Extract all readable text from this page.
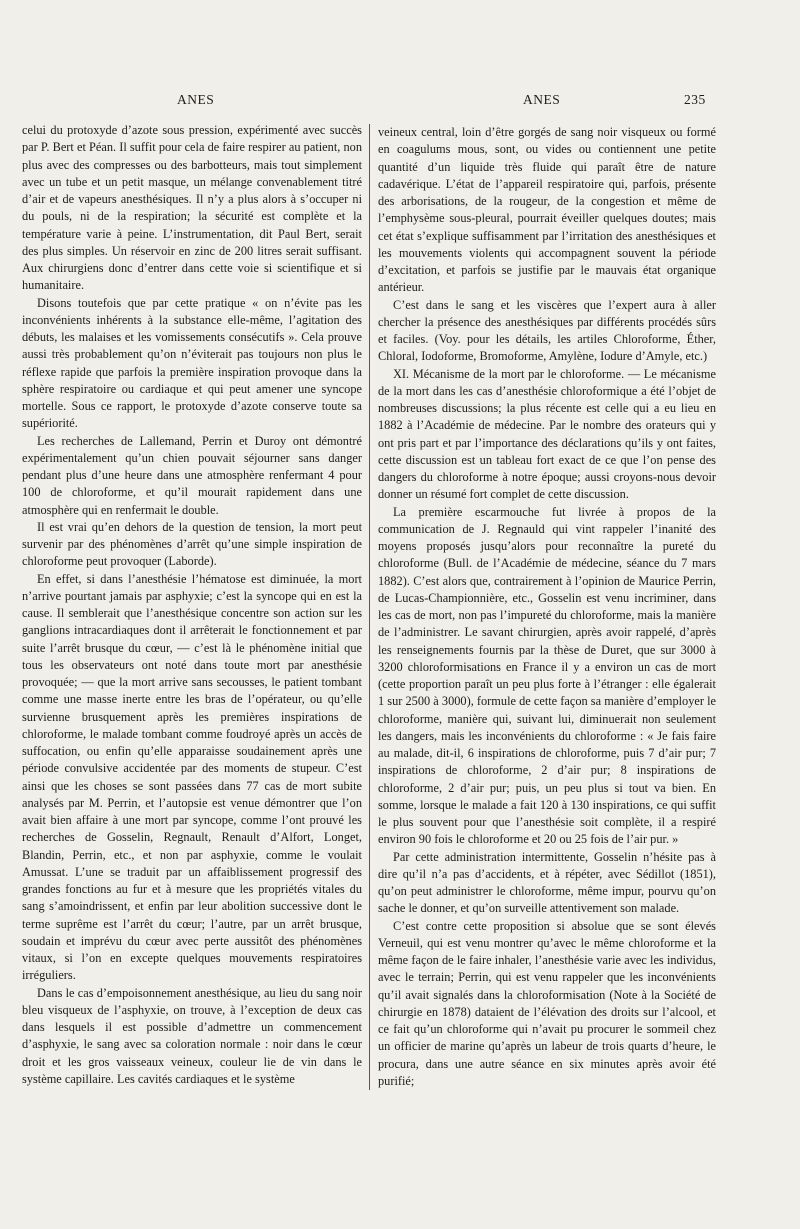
ANES	ANES	235

celui du protoxyde d’azote sous pression, expérimenté avec succès par P. Bert et Péan. Il suffit pour cela de faire respirer au patient, non plus avec des compresses ou des barbotteurs, mais tout simplement avec un tube et un petit masque, un mélange convenablement titré d’air et de vapeurs anesthésiques. Il n’y a plus alors à s’occuper ni du pouls, ni de la respiration; la sécurité est complète et la température varie à peine. L’instrumentation, dit Paul Bert, serait des plus simples. Un réservoir en zinc de 200 litres serait suffisant. Aux chirurgiens donc d’entrer dans cette voie si scientifique et si humanitaire.

Disons toutefois que par cette pratique « on n’évite pas les inconvénients inhérents à la substance elle-même, l’agitation des débuts, les malaises et les vomissements consécutifs ». Cela prouve aussi très probablement qu’on n’éviterait pas toujours non plus le réflexe rapide que parfois la première inspiration provoque dans la sphère respiratoire ou cardiaque et qui peut amener une syncope mortelle. Sous ce rapport, le protoxyde d’azote conserve toute sa supériorité.

Les recherches de Lallemand, Perrin et Duroy ont démontré expérimentalement qu’un chien pouvait séjourner sans danger pendant plus d’une heure dans une atmosphère renfermant 4 pour 100 de chloroforme, et qu’il mourait rapidement dans une atmosphère qui en renfermait le double.

Il est vrai qu’en dehors de la question de tension, la mort peut survenir par des phénomènes d’arrêt qu’une simple inspiration de chloroforme peut provoquer (Laborde).

En effet, si dans l’anesthésie l’hématose est diminuée, la mort n’arrive pourtant jamais par asphyxie; c’est la syncope qui en est la cause. Il semblerait que l’anesthésique concentre son action sur les ganglions intracardiaques dont il arrêterait le fonctionnement et par suite l’arrêt brusque du cœur, — c’est là le phénomène initial que tous les observateurs ont noté dans toute mort par anesthésie provoquée; — que la mort arrive sans secousses, le patient tombant comme une masse inerte entre les bras de l’opérateur, ou qu’elle survienne brusquement après les premières inspirations de chloroforme, le malade tombant comme foudroyé après un accès de suffocation, ou enfin qu’elle apparaisse soudainement après une période convulsive accidentée par des moments de stupeur. C’est ainsi que les choses se sont passées dans 77 cas de mort subite analysés par M. Perrin, et l’autopsie est venue démontrer que l’on avait bien affaire à une mort par syncope, comme l’ont prouvé les recherches de Gosselin, Regnault, Renault d’Alfort, Longet, Blandin, Perrin, etc., et non par asphyxie, comme le voulait Amussat. L’une se traduit par un affaiblissement progressif des grandes fonctions au fur et à mesure que les propriétés vitales du sang s’amoindrissent, et enfin par leur abolition successive dont le terme suprême est l’arrêt du cœur; l’autre, par un arrêt brusque, soudain et imprévu du cœur avec perte aussitôt des phénomènes vitaux, si l’on en excepte quelques mouvements respiratoires irréguliers.

Dans le cas d’empoisonnement anesthésique, au lieu du sang noir bleu visqueux de l’asphyxie, on trouve, à l’exception de deux cas dans lesquels il est possible d’admettre un commencement d’asphyxie, le sang avec sa coloration normale : noir dans le cœur droit et les gros vaisseaux veineux, couleur lie de vin dans le système capillaire. Les cavités cardiaques et le système

veineux central, loin d’être gorgés de sang noir visqueux ou formé en coagulums mous, sont, ou vides ou contiennent une petite quantité d’un liquide très fluide qui paraît être de nature cadavérique. L’état de l’appareil respiratoire qui, parfois, présente des arborisations, de la rougeur, de la congestion et même de l’emphysème sous-pleural, pourrait éveiller quelques doutes; mais cet état s’explique suffisamment par l’irritation des anesthésiques et les mouvements violents qui accompagnent souvent la période d’excitation, et parfois se justifie par le mauvais état organique antérieur.

C’est dans le sang et les viscères que l’expert aura à aller chercher la présence des anesthésiques par différents procédés sûrs et faciles. (Voy. pour les détails, les artiles Chloroforme, Éther, Chloral, Iodoforme, Bromoforme, Amylène, Iodure d’Amyle, etc.)

XI. Mécanisme de la mort par le chloroforme. — Le mécanisme de la mort dans les cas d’anesthésie chloroformique a été l’objet de nombreuses discussions; la plus récente est celle qui a eu lieu en 1882 à l’Académie de médecine. Par le nombre des orateurs qui y ont pris part et par l’importance des déclarations qu’ils y ont faites, cette discussion est un tableau fort exact de ce que l’on pense des dangers du chloroforme à notre époque; aussi croyons-nous devoir donner un résumé fort complet de cette discussion.

La première escarmouche fut livrée à propos de la communication de J. Regnauld qui vint rappeler l’inanité des moyens proposés jusqu’alors pour reconnaître la pureté du chloroforme (Bull. de l’Académie de médecine, séance du 7 mars 1882). C’est alors que, contrairement à l’opinion de Maurice Perrin, de Lucas-Championnière, etc., Gosselin est venu incriminer, dans les cas de mort, non pas l’impureté du chloroforme, mais la manière de l’administrer. Le savant chirurgien, après avoir rappelé, d’après les renseignements fournis par la thèse de Duret, que sur 3000 à 3200 chloroformisations en France il y a environ un cas de mort (cette proportion paraît un peu plus forte à l’étranger : elle égalerait 1 sur 2500 à 3000), formule de cette façon sa manière d’employer le chloroforme, manière qui, suivant lui, diminuerait non seulement les dangers, mais les inconvénients du chloroforme : « Je fais faire au malade, dit-il, 6 inspirations de chloroforme, puis 7 d’air pur; 7 inspirations de chloroforme, 2 d’air pur; 8 inspirations de chloroforme, 2 d’air pur; puis, un peu plus si tout va bien. En somme, lorsque le malade a fait 120 à 130 inspirations, ce qui suffit le plus souvent pour que l’anesthésie soit complète, il a respiré environ 90 fois le chloroforme et 20 ou 25 fois de l’air pur. »

Par cette administration intermittente, Gosselin n’hésite pas à dire qu’il n’a pas d’accidents, et à répéter, avec Sédillot (1851), qu’on peut administrer le chloroforme, même impur, pourvu qu’on sache le donner, et qu’on surveille attentivement son malade.

C’est contre cette proposition si absolue que se sont élevés Verneuil, qui est venu montrer qu’avec le même chloroforme et la même façon de le faire inhaler, l’anesthésie varie avec les individus, avec le terrain; Perrin, qui est venu rappeler que les inconvénients qu’il avait signalés dans la chloroformisation (Note à la Société de chirurgie en 1878) dataient de l’élévation des droits sur l’alcool, et ce fait qu’un chloroforme qui n’avait pu procurer le sommeil chez un officier de marine qu’après un labeur de trois quarts d’heure, le procura, dans une autre séance en six minutes après avoir été purifié;
